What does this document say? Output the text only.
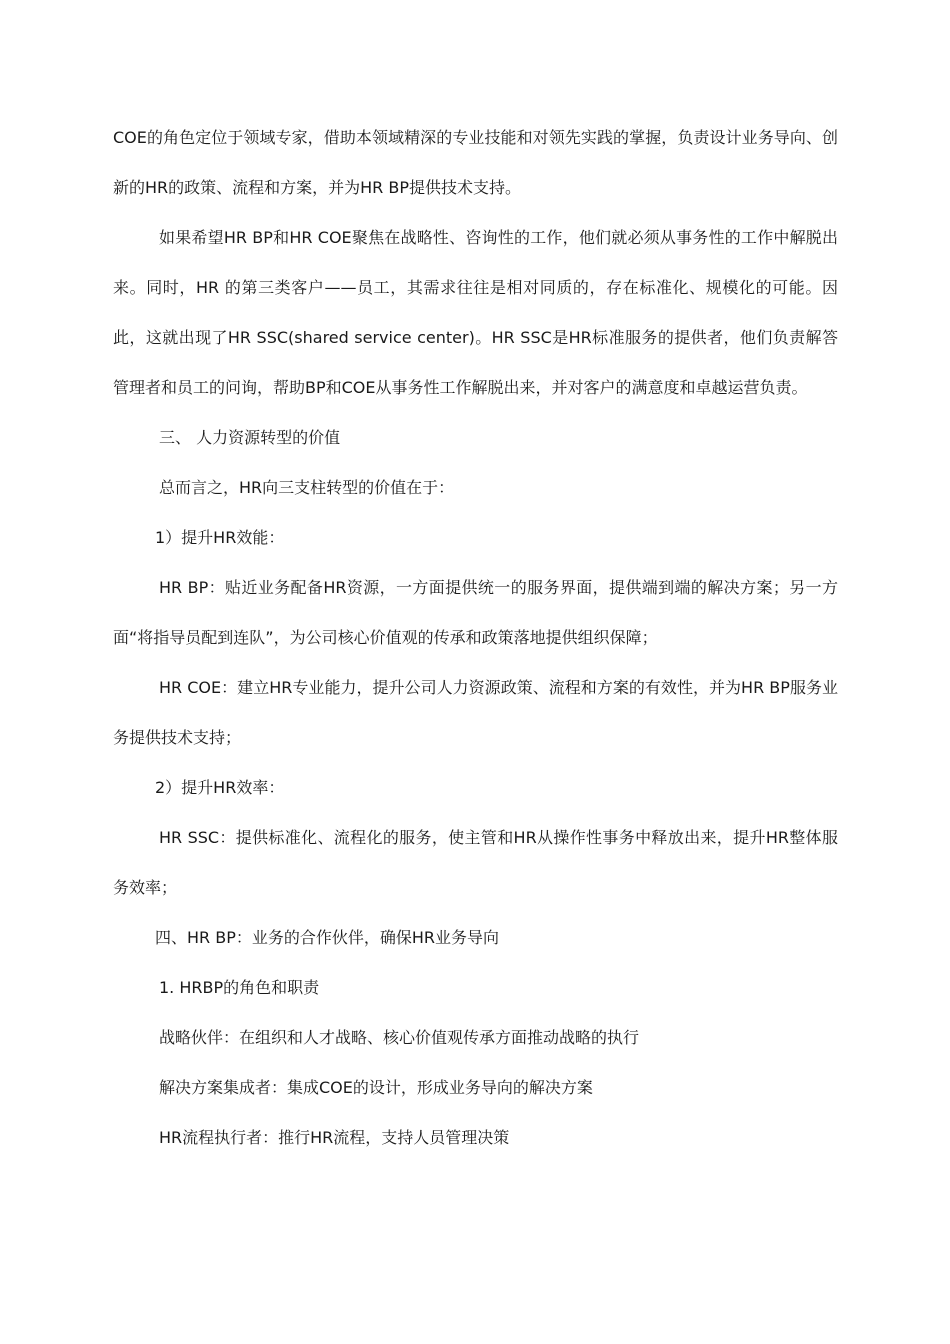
COE的角色定位于领域专家，借助本领域精深的专业技能和对领先实践的掌握，负责设计业务导向、创新的HR的政策、流程和方案，并为HR BP提供技术支持。

如果希望HR BP和HR COE聚焦在战略性、咨询性的工作，他们就必须从事务性的工作中解脱出来。同时，HR 的第三类客户——员工，其需求往往是相对同质的，存在标准化、规模化的可能。因此，这就出现了HR SSC(shared service center)。HR SSC是HR标准服务的提供者，他们负责解答管理者和员工的问询，帮助BP和COE从事务性工作解脱出来，并对客户的满意度和卓越运营负责。

三、 人力资源转型的价值

总而言之，HR向三支柱转型的价值在于：

1）提升HR效能：

HR BP：贴近业务配备HR资源，一方面提供统一的服务界面，提供端到端的解决方案；另一方面“将指导员配到连队”，为公司核心价值观的传承和政策落地提供组织保障；

HR COE：建立HR专业能力，提升公司人力资源政策、流程和方案的有效性，并为HR BP服务业务提供技术支持；

2）提升HR效率：

HR SSC：提供标准化、流程化的服务，使主管和HR从操作性事务中释放出来，提升HR整体服务效率；

四、HR BP：业务的合作伙伴，确保HR业务导向

1. HRBP的角色和职责

战略伙伴：在组织和人才战略、核心价值观传承方面推动战略的执行

解决方案集成者：集成COE的设计，形成业务导向的解决方案

HR流程执行者：推行HR流程，支持人员管理决策
